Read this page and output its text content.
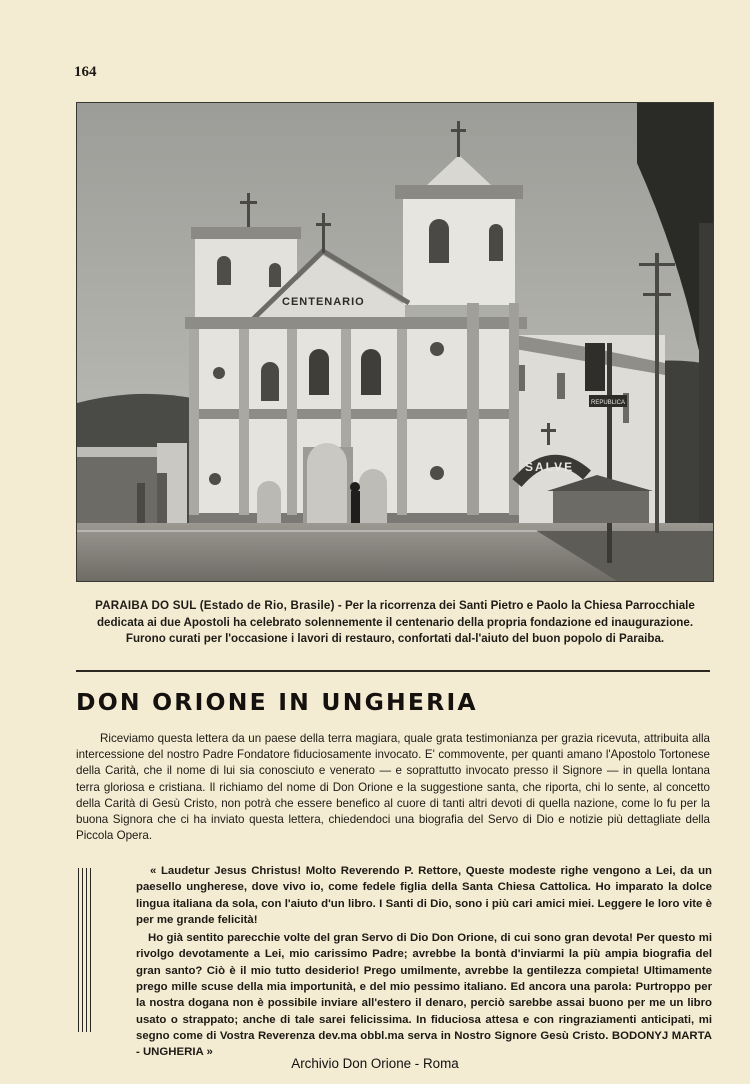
164
CENTENARIO
REPUBLICA
SALVE
PARAIBA DO SUL (Estado de Rio, Brasile) - Per la ricorrenza dei Santi Pietro e Paolo la Chiesa Parrocchiale dedicata ai due Apostoli ha celebrato solennemente il centenario della propria fondazione ed inaugurazione. Furono curati per l'occasione i lavori di restauro, confortati dal-l'aiuto del buon popolo di Paraiba.
DON ORIONE IN UNGHERIA

Riceviamo questa lettera da un paese della terra magiara, quale grata testimonianza per grazia ricevuta, attribuita alla intercessione del nostro Padre Fondatore fiduciosamente invocato. E' commovente, per quanti amano l'Apostolo Tortonese della Carità, che il nome di lui sia conosciuto e venerato — e soprattutto invocato presso il Signore — in quella lontana terra gloriosa e cristiana. Il richiamo del nome di Don Orione e la suggestione santa, che riporta, chi lo sente, al concetto della Carità di Gesù Cristo, non potrà che essere benefico al cuore di tanti altri devoti di quella nazione, come lo fu per la buona Signora che ci ha inviato questa lettera, chiedendoci una biografia del Servo di Dio e notizie più dettagliate della Piccola Opera.

« Laudetur Jesus Christus! Molto Reverendo P. Rettore, Queste modeste righe vengono a Lei, da un paesello ungherese, dove vivo io, come fedele figlia della Santa Chiesa Cattolica. Ho imparato la dolce lingua italiana da sola, con l'aiuto d'un libro. I Santi di Dio, sono i più cari amici miei. Leggere le loro vite è per me grande felicità!

Ho già sentito parecchie volte del gran Servo di Dio Don Orione, di cui sono gran devota! Per questo mi rivolgo devotamente a Lei, mio carissimo Padre; avrebbe la bontà d'inviarmi la più ampia biografia del gran santo? Ciò è il mio tutto desiderio! Prego umilmente, avrebbe la gentilezza compieta! Ultimamente prego mille scuse della mia importunità, e del mio pessimo italiano. Ed ancora una parola: Purtroppo per la nostra dogana non è possibile inviare all'estero il denaro, perciò sarebbe assai buono per me un libro usato o strappato; anche di tale sarei felicissima. In fiduciosa attesa e con ringraziamenti anticipati, mi segno come di Vostra Reverenza dev.ma obbl.ma serva in Nostro Signore Gesù Cristo. BODONYJ MARTA - UNGHERIA »

Archivio Don Orione - Roma
